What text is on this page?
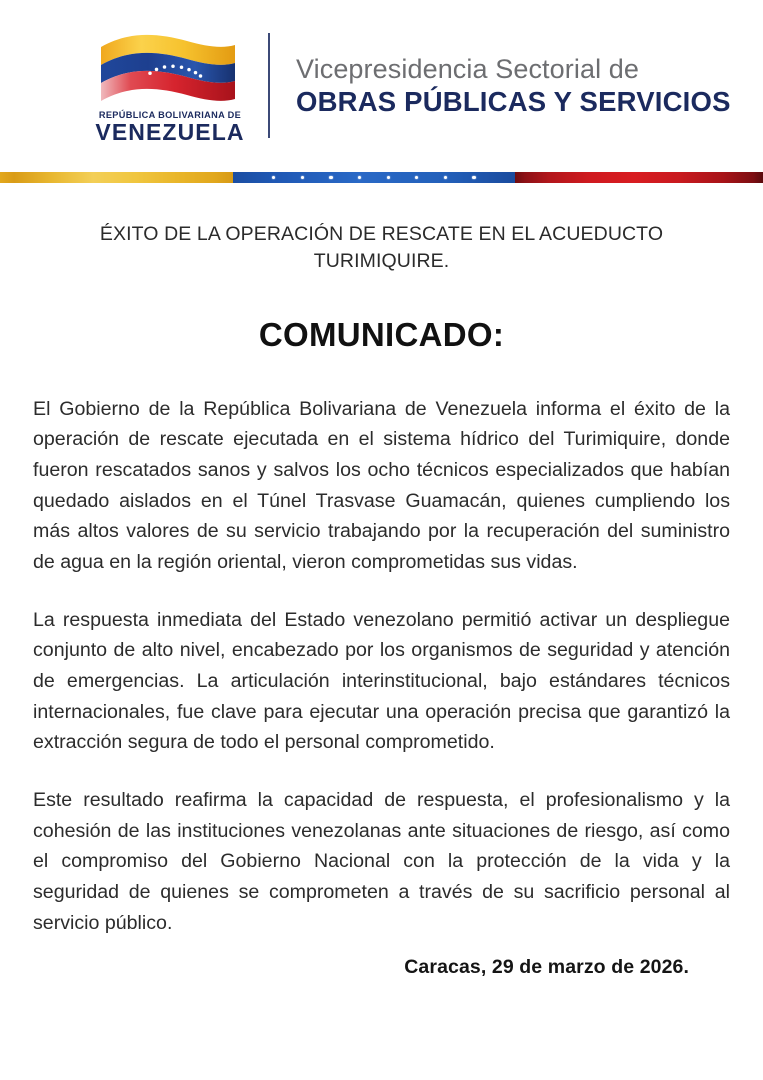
REPÚBLICA BOLIVARIANA DE
VENEZUELA
Vicepresidencia Sectorial de
OBRAS PÚBLICAS Y SERVICIOS
ÉXITO DE LA OPERACIÓN DE RESCATE EN EL ACUEDUCTO TURIMIQUIRE.
COMUNICADO:

El Gobierno de la República Bolivariana de Venezuela informa el éxito de la operación de rescate ejecutada en el sistema hídrico del Turimiquire, donde fueron rescatados sanos y salvos los ocho técnicos especializados que habían quedado aislados en el Túnel Trasvase Guamacán, quienes cumpliendo los más altos valores de su servicio trabajando por la recuperación del suministro de agua en la región oriental, vieron comprometidas sus vidas.

La respuesta inmediata del Estado venezolano permitió activar un despliegue conjunto de alto nivel, encabezado por los organismos de seguridad y atención de emergencias. La articulación interinstitucional, bajo estándares técnicos internacionales, fue clave para ejecutar una operación precisa que garantizó la extracción segura de todo el personal comprometido.

Este resultado reafirma la capacidad de respuesta, el profesionalismo y la cohesión de las instituciones venezolanas ante situaciones de riesgo, así como el compromiso del Gobierno Nacional con la protección de la vida y la seguridad de quienes se comprometen a través de su sacrificio personal al servicio público.

Caracas, 29 de marzo de 2026.
